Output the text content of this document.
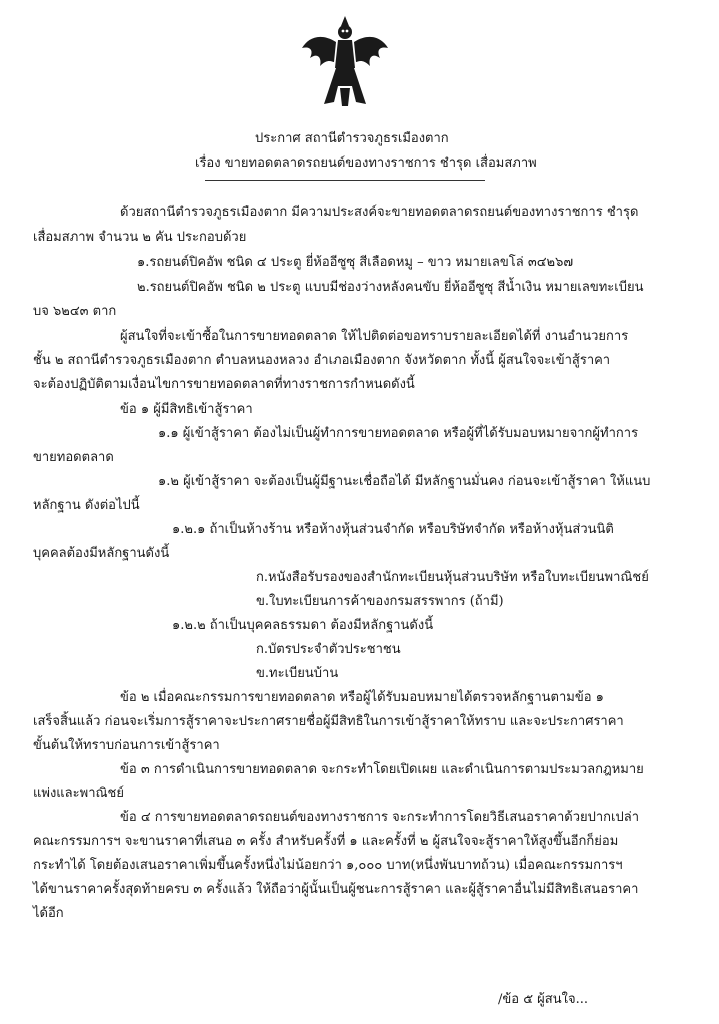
ประกาศ สถานีตำรวจภูธรเมืองตาก
เรื่อง ขายทอดตลาดรถยนต์ของทางราชการ ชำรุด เสื่อมสภาพ
ด้วยสถานีตำรวจภูธรเมืองตาก มีความประสงค์จะขายทอดตลาดรถยนต์ของทางราชการ ชำรุด
เสื่อมสภาพ จำนวน ๒ คัน ประกอบด้วย
๑.รถยนต์ปิคอัพ ชนิด ๔ ประตู ยี่ห้ออีซูซุ สีเลือดหมู – ขาว หมายเลขโล่ ๓๔๒๖๗
๒.รถยนต์ปิคอัพ ชนิด ๒ ประตู แบบมีช่องว่างหลังคนขับ ยี่ห้ออีซูซุ สีน้ำเงิน หมายเลขทะเบียน
บจ ๖๒๔๓ ตาก
ผู้สนใจที่จะเข้าซื้อในการขายทอดตลาด ให้ไปติดต่อขอทราบรายละเอียดได้ที่ งานอำนวยการ
ชั้น ๒ สถานีตำรวจภูธรเมืองตาก ตำบลหนองหลวง อำเภอเมืองตาก จังหวัดตาก ทั้งนี้ ผู้สนใจจะเข้าสู้ราคา
จะต้องปฏิบัติตามเงื่อนไขการขายทอดตลาดที่ทางราชการกำหนดดังนี้
ข้อ ๑ ผู้มีสิทธิเข้าสู้ราคา
๑.๑ ผู้เข้าสู้ราคา ต้องไม่เป็นผู้ทำการขายทอดตลาด หรือผู้ที่ได้รับมอบหมายจากผู้ทำการ
ขายทอดตลาด
๑.๒ ผู้เข้าสู้ราคา จะต้องเป็นผู้มีฐานะเชื่อถือได้ มีหลักฐานมั่นคง ก่อนจะเข้าสู้ราคา ให้แนบ
หลักฐาน ดังต่อไปนี้
๑.๒.๑ ถ้าเป็นห้างร้าน หรือห้างหุ้นส่วนจำกัด หรือบริษัทจำกัด หรือห้างหุ้นส่วนนิติ
บุคคลต้องมีหลักฐานดังนี้
ก.หนังสือรับรองของสำนักทะเบียนหุ้นส่วนบริษัท หรือใบทะเบียนพาณิชย์
ข.ใบทะเบียนการค้าของกรมสรรพากร (ถ้ามี)
๑.๒.๒ ถ้าเป็นบุคคลธรรมดา ต้องมีหลักฐานดังนี้
ก.บัตรประจำตัวประชาชน
ข.ทะเบียนบ้าน
ข้อ ๒ เมื่อคณะกรรมการขายทอดตลาด หรือผู้ได้รับมอบหมายได้ตรวจหลักฐานตามข้อ ๑
เสร็จสิ้นแล้ว ก่อนจะเริ่มการสู้ราคาจะประกาศรายชื่อผู้มีสิทธิในการเข้าสู้ราคาให้ทราบ และจะประกาศราคา
ขั้นต้นให้ทราบก่อนการเข้าสู้ราคา
ข้อ ๓ การดำเนินการขายทอดตลาด จะกระทำโดยเปิดเผย และดำเนินการตามประมวลกฎหมาย
แพ่งและพาณิชย์
ข้อ ๔ การขายทอดตลาดรถยนต์ของทางราชการ จะกระทำการโดยวิธีเสนอราคาด้วยปากเปล่า
คณะกรรมการฯ จะขานราคาที่เสนอ ๓ ครั้ง สำหรับครั้งที่ ๑ และครั้งที่ ๒ ผู้สนใจจะสู้ราคาให้สูงขึ้นอีกก็ย่อม
กระทำได้ โดยต้องเสนอราคาเพิ่มขึ้นครั้งหนึ่งไม่น้อยกว่า ๑,๐๐๐ บาท(หนึ่งพันบาทถ้วน) เมื่อคณะกรรมการฯ
ได้ขานราคาครั้งสุดท้ายครบ ๓ ครั้งแล้ว ให้ถือว่าผู้นั้นเป็นผู้ชนะการสู้ราคา และผู้สู้ราคาอื่นไม่มีสิทธิเสนอราคา
ได้อีก
/ข้อ ๕ ผู้สนใจ...
